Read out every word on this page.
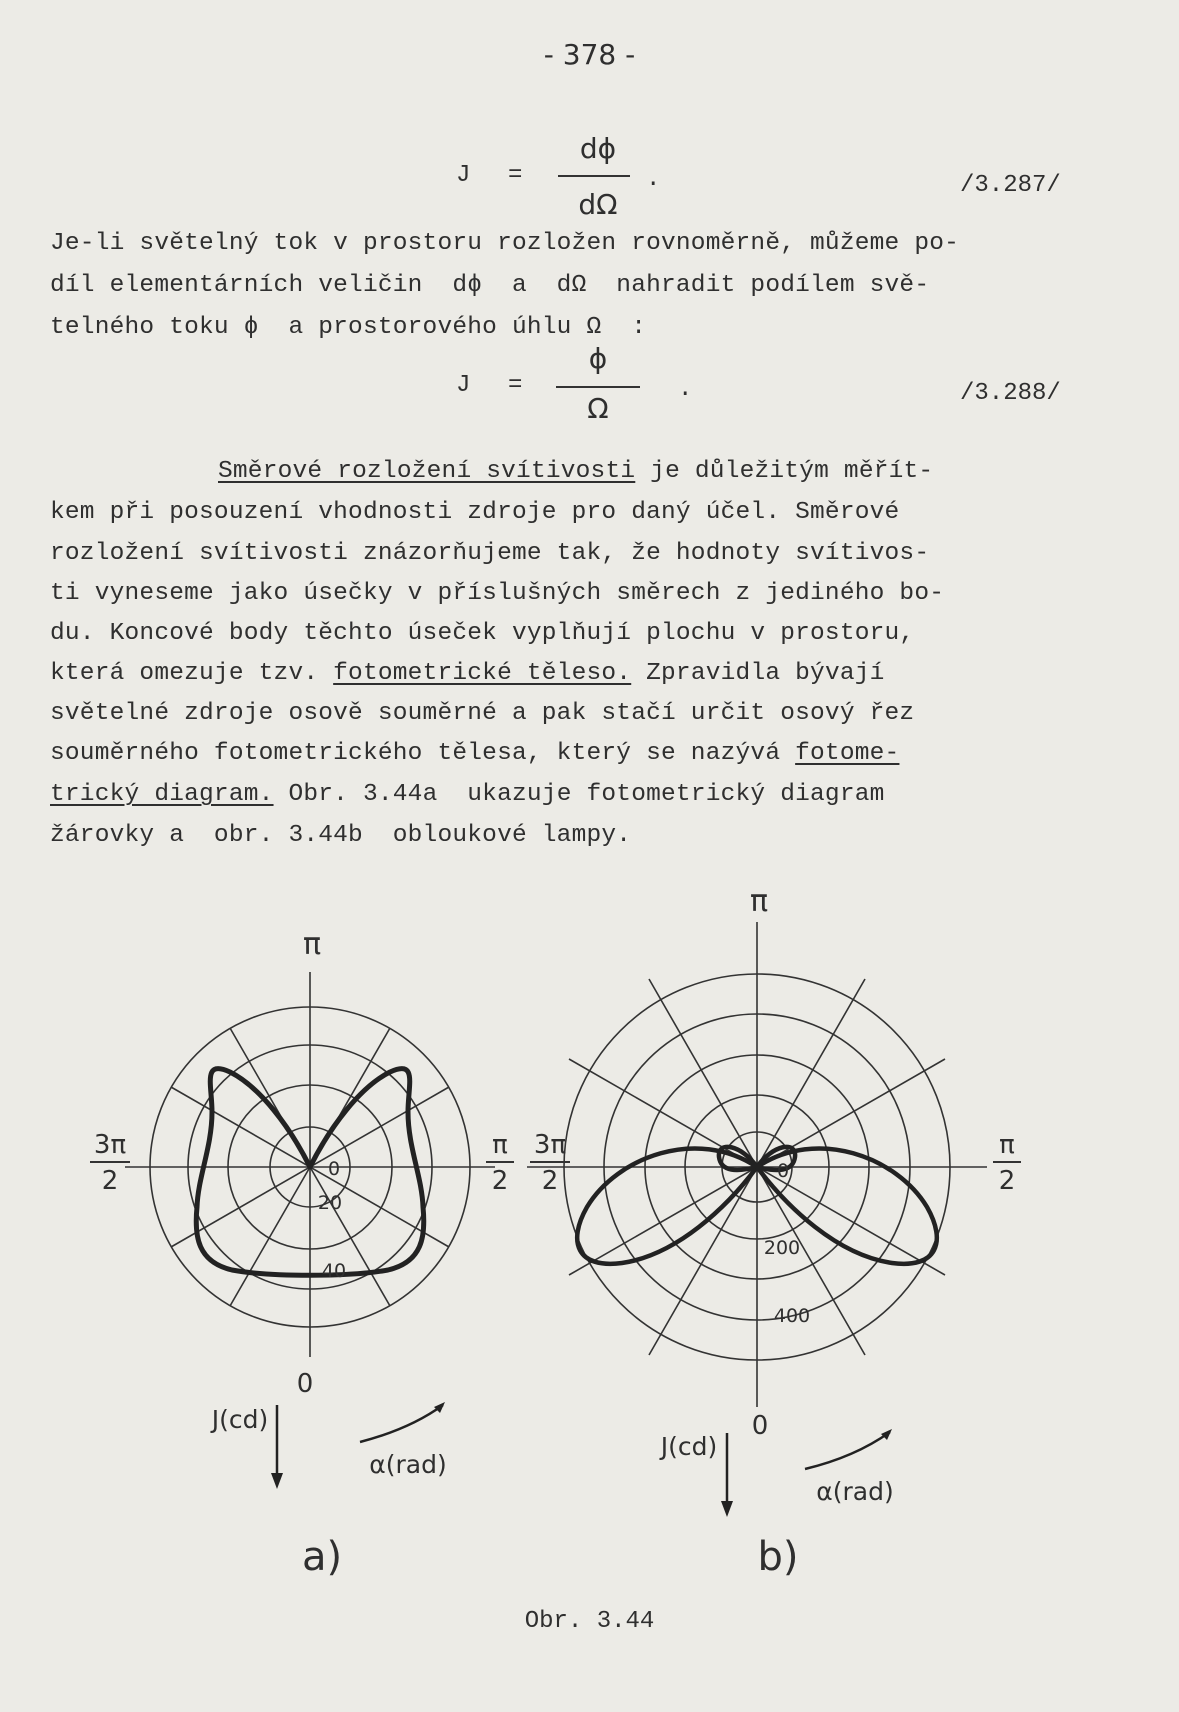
- 378 -
J =
dϕ
dΩ
.	/3.287/
Je-li světelný tok v prostoru rozložen rovnoměrně, můžeme po-
díl elementárních veličin  dϕ  a  dΩ  nahradit podílem svě-
telného toku ϕ  a prostorového úhlu Ω  :
J =
ϕ
Ω
.	/3.288/
Směrové rozložení svítivosti je důležitým měřít-
kem při posouzení vhodnosti zdroje pro daný účel. Směrové
rozložení svítivosti znázorňujeme tak, že hodnoty svítivos-
ti vyneseme jako úsečky v příslušných směrech z jediného bo-
du. Koncové body těchto úseček vyplňují plochu v prostoru,
která omezuje tzv. fotometrické těleso. Zpravidla bývají
světelné zdroje osově souměrné a pak stačí určit osový řez
souměrného fotometrického tělesa, který se nazývá fotome-
trický diagram. Obr. 3.44a  ukazuje fotometrický diagram
žárovky a  obr. 3.44b  obloukové lampy.
π
3π
2
π
2
0
0
20
40
J(cd)
α(rad)
a)
π
3π
2
π
2
0
0
200
400
J(cd)
α(rad)
b)
Obr. 3.44
